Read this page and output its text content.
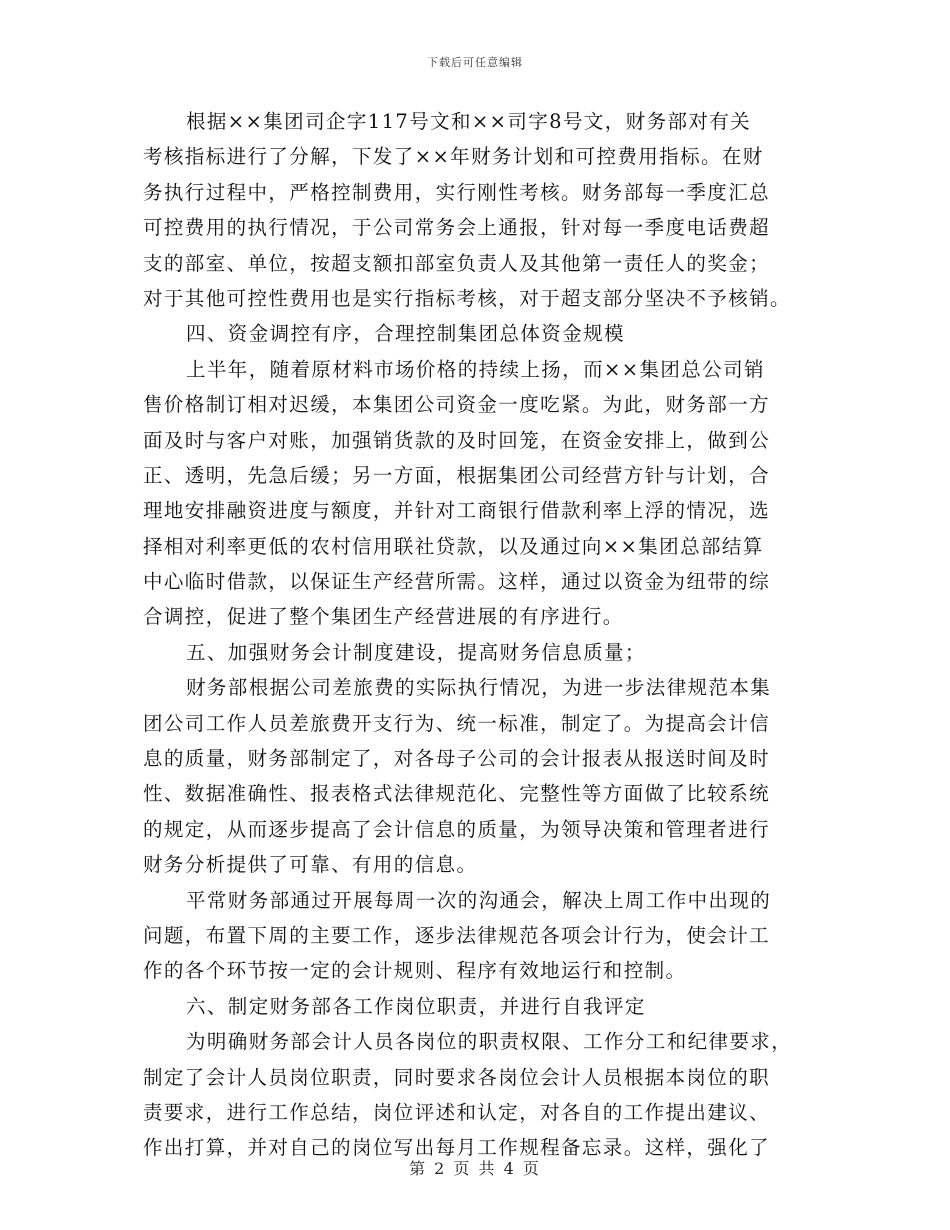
下载后可任意编辑
根据××集团司企字117号文和××司字8号文，财务部对有关
考核指标进行了分解，下发了××年财务计划和可控费用指标。在财
务执行过程中，严格控制费用，实行刚性考核。财务部每一季度汇总
可控费用的执行情况，于公司常务会上通报，针对每一季度电话费超
支的部室、单位，按超支额扣部室负责人及其他第一责任人的奖金；
对于其他可控性费用也是实行指标考核，对于超支部分坚决不予核销。
四、资金调控有序，合理控制集团总体资金规模
上半年，随着原材料市场价格的持续上扬，而××集团总公司销
售价格制订相对迟缓，本集团公司资金一度吃紧。为此，财务部一方
面及时与客户对账，加强销货款的及时回笼，在资金安排上，做到公
正、透明，先急后缓；另一方面，根据集团公司经营方针与计划，合
理地安排融资进度与额度，并针对工商银行借款利率上浮的情况，选
择相对利率更低的农村信用联社贷款，以及通过向××集团总部结算
中心临时借款，以保证生产经营所需。这样，通过以资金为纽带的综
合调控，促进了整个集团生产经营进展的有序进行。
五、加强财务会计制度建设，提高财务信息质量；
财务部根据公司差旅费的实际执行情况，为进一步法律规范本集
团公司工作人员差旅费开支行为、统一标准，制定了。为提高会计信
息的质量，财务部制定了，对各母子公司的会计报表从报送时间及时
性、数据准确性、报表格式法律规范化、完整性等方面做了比较系统
的规定，从而逐步提高了会计信息的质量，为领导决策和管理者进行
财务分析提供了可靠、有用的信息。
平常财务部通过开展每周一次的沟通会，解决上周工作中出现的
问题，布置下周的主要工作，逐步法律规范各项会计行为，使会计工
作的各个环节按一定的会计规则、程序有效地运行和控制。
六、制定财务部各工作岗位职责，并进行自我评定
为明确财务部会计人员各岗位的职责权限、工作分工和纪律要求，
制定了会计人员岗位职责，同时要求各岗位会计人员根据本岗位的职
责要求，进行工作总结，岗位评述和认定，对各自的工作提出建议、
作出打算，并对自己的岗位写出每月工作规程备忘录。这样，强化了
第 2 页 共 4 页
